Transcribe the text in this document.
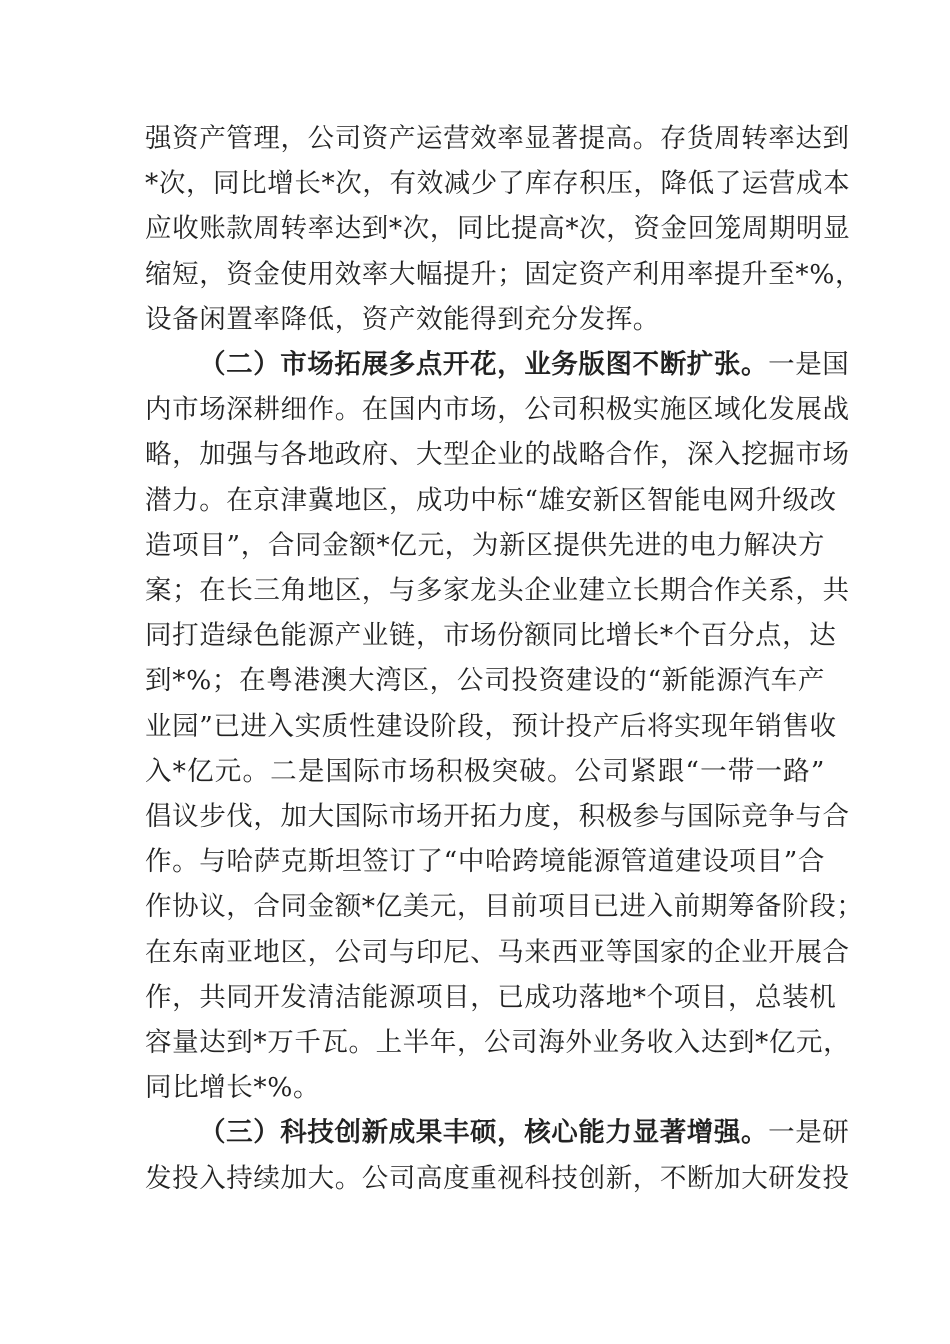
强资产管理，公司资产运营效率显著提高。存货周转率达到
*次，同比增长*次，有效减少了库存积压，降低了运营成本
应收账款周转率达到*次，同比提高*次，资金回笼周期明显
缩短，资金使用效率大幅提升；固定资产利用率提升至*%，
设备闲置率降低，资产效能得到充分发挥。
（二）市场拓展多点开花，业务版图不断扩张。一是国
内市场深耕细作。在国内市场，公司积极实施区域化发展战
略，加强与各地政府、大型企业的战略合作，深入挖掘市场
潜力。在京津冀地区，成功中标“雄安新区智能电网升级改
造项目”，合同金额*亿元，为新区提供先进的电力解决方
案；在长三角地区，与多家龙头企业建立长期合作关系，共
同打造绿色能源产业链，市场份额同比增长*个百分点，达
到*%；在粤港澳大湾区，公司投资建设的“新能源汽车产
业园”已进入实质性建设阶段，预计投产后将实现年销售收
入*亿元。二是国际市场积极突破。公司紧跟“一带一路”
倡议步伐，加大国际市场开拓力度，积极参与国际竞争与合
作。与哈萨克斯坦签订了“中哈跨境能源管道建设项目”合
作协议，合同金额*亿美元，目前项目已进入前期筹备阶段；
在东南亚地区，公司与印尼、马来西亚等国家的企业开展合
作，共同开发清洁能源项目，已成功落地*个项目，总装机
容量达到*万千瓦。上半年，公司海外业务收入达到*亿元，
同比增长*%。
（三）科技创新成果丰硕，核心能力显著增强。一是研
发投入持续加大。公司高度重视科技创新，不断加大研发投
